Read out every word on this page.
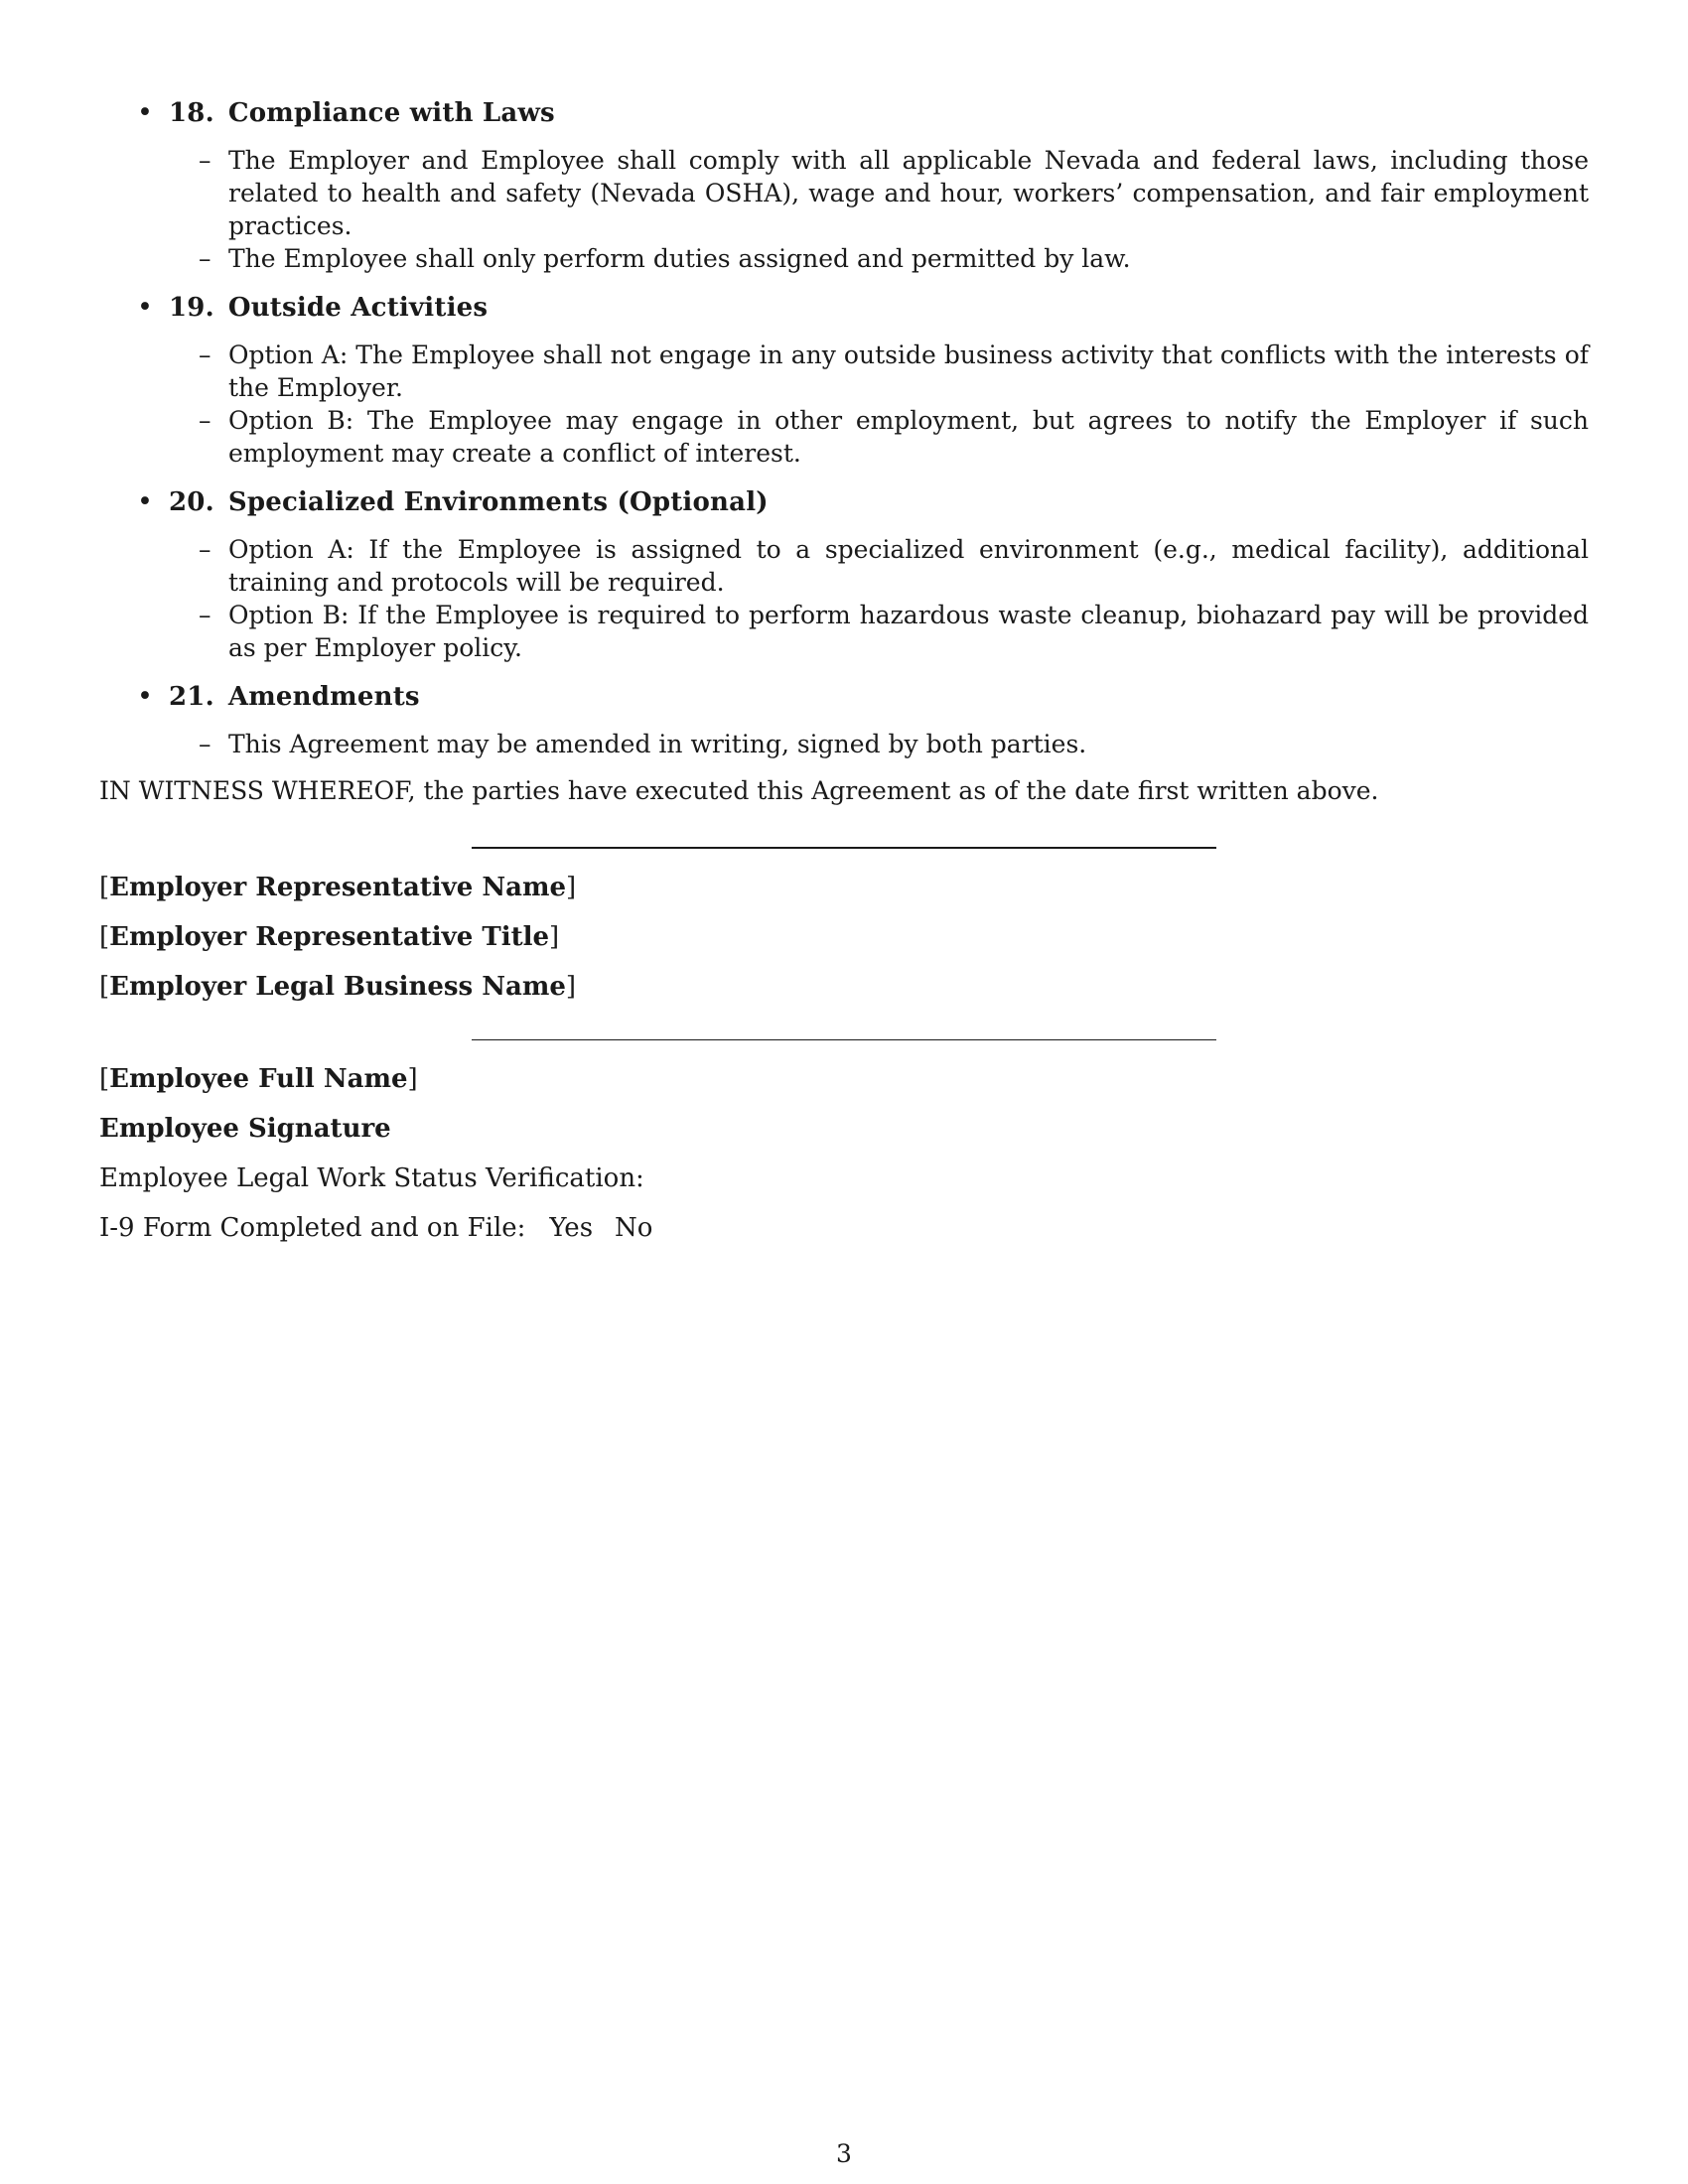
• 18. Compliance with Laws
– The Employer and Employee shall comply with all applicable Nevada and federal laws, including those related to health and safety (Nevada OSHA), wage and hour, workers’ compensation, and fair employment practices.
– The Employee shall only perform duties assigned and permitted by law.
• 19. Outside Activities
– Option A: The Employee shall not engage in any outside business activity that conflicts with the interests of the Employer.
– Option B: The Employee may engage in other employment, but agrees to notify the Employer if such employment may create a conflict of interest.
• 20. Specialized Environments (Optional)
– Option A: If the Employee is assigned to a specialized environment (e.g., medical facility), additional training and protocols will be required.
– Option B: If the Employee is required to perform hazardous waste cleanup, biohazard pay will be provided as per Employer policy.
• 21. Amendments
– This Agreement may be amended in writing, signed by both parties.

IN WITNESS WHEREOF, the parties have executed this Agreement as of the date first written above.

[Employer Representative Name]

[Employer Representative Title]

[Employer Legal Business Name]

[Employee Full Name]

Employee Signature

Employee Legal Work Status Verification:

I-9 Form Completed and on File: Yes No

3
